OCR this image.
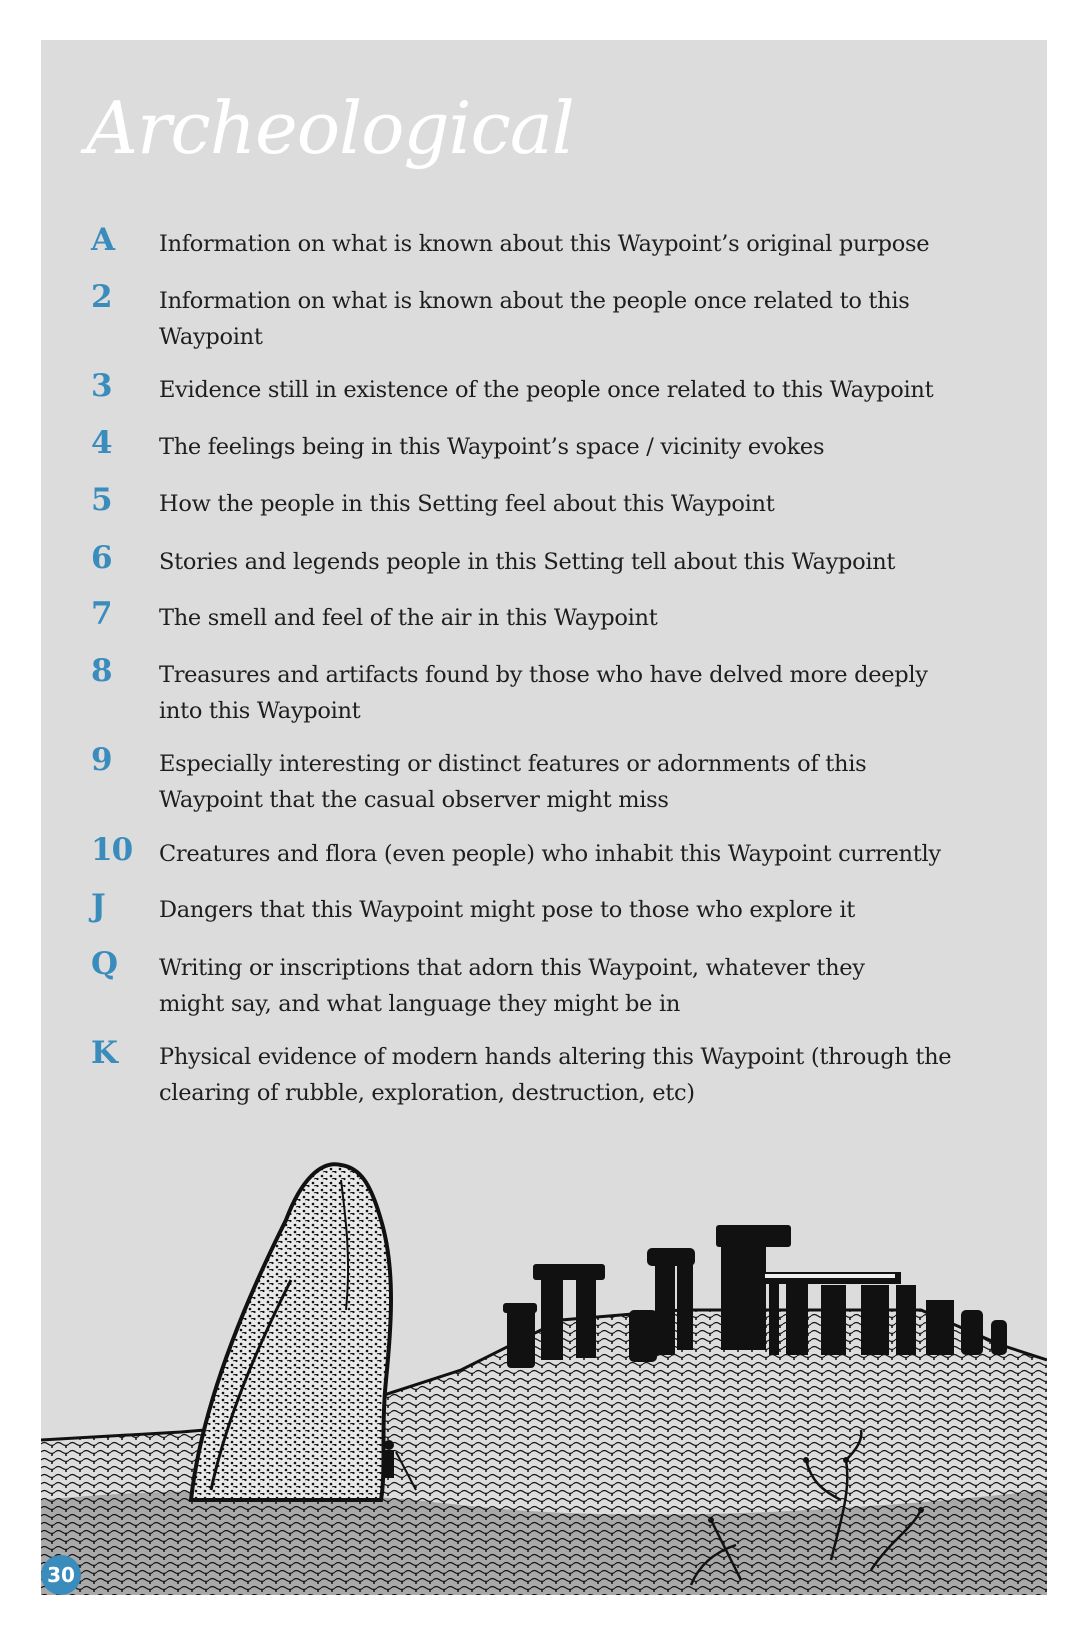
Archeological
A Information on what is known about this Waypoint’s original purpose
2 Information on what is known about the people once related to this Waypoint
3 Evidence still in existence of the people once related to this Waypoint
4 The feelings being in this Waypoint’s space / vicinity evokes
5 How the people in this Setting feel about this Waypoint
6 Stories and legends people in this Setting tell about this Waypoint
7 The smell and feel of the air in this Waypoint
8 Treasures and artifacts found by those who have delved more deeply into this Waypoint
9 Especially interesting or distinct features or adornments of this Waypoint that the casual observer might miss
10 Creatures and flora (even people) who inhabit this Waypoint currently
J Dangers that this Waypoint might pose to those who explore it
Q Writing or inscriptions that adorn this Waypoint, whatever they might say, and what language they might be in
K Physical evidence of modern hands altering this Waypoint (through the clearing of rubble, exploration, destruction, etc)
30
